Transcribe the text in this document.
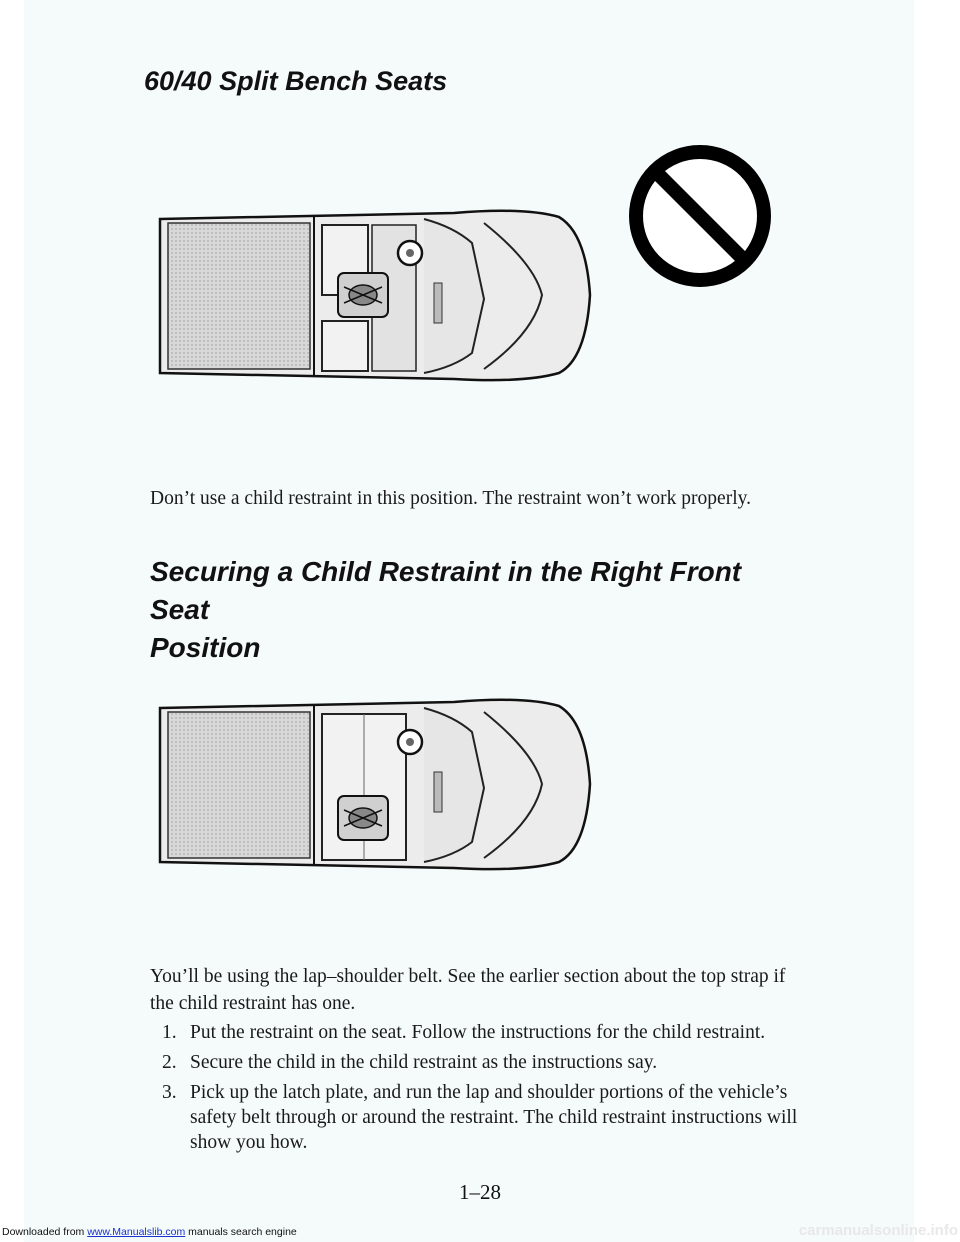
60/40 Split Bench Seats

Don’t use a child restraint in this position. The restraint won’t work properly.

Securing a Child Restraint in the Right Front Seat
Position

You’ll be using the lap–shoulder belt. See the earlier section about the top strap if the child restraint has one.

1. Put the restraint on the seat. Follow the instructions for the child restraint.
2. Secure the child in the child restraint as the instructions say.
3. Pick up the latch plate, and run the lap and shoulder portions of the vehicle’s safety belt through or around the restraint. The child restraint instructions will show you how.
1–28
Downloaded from www.Manualslib.com manuals search engine	carmanualsonline.info
